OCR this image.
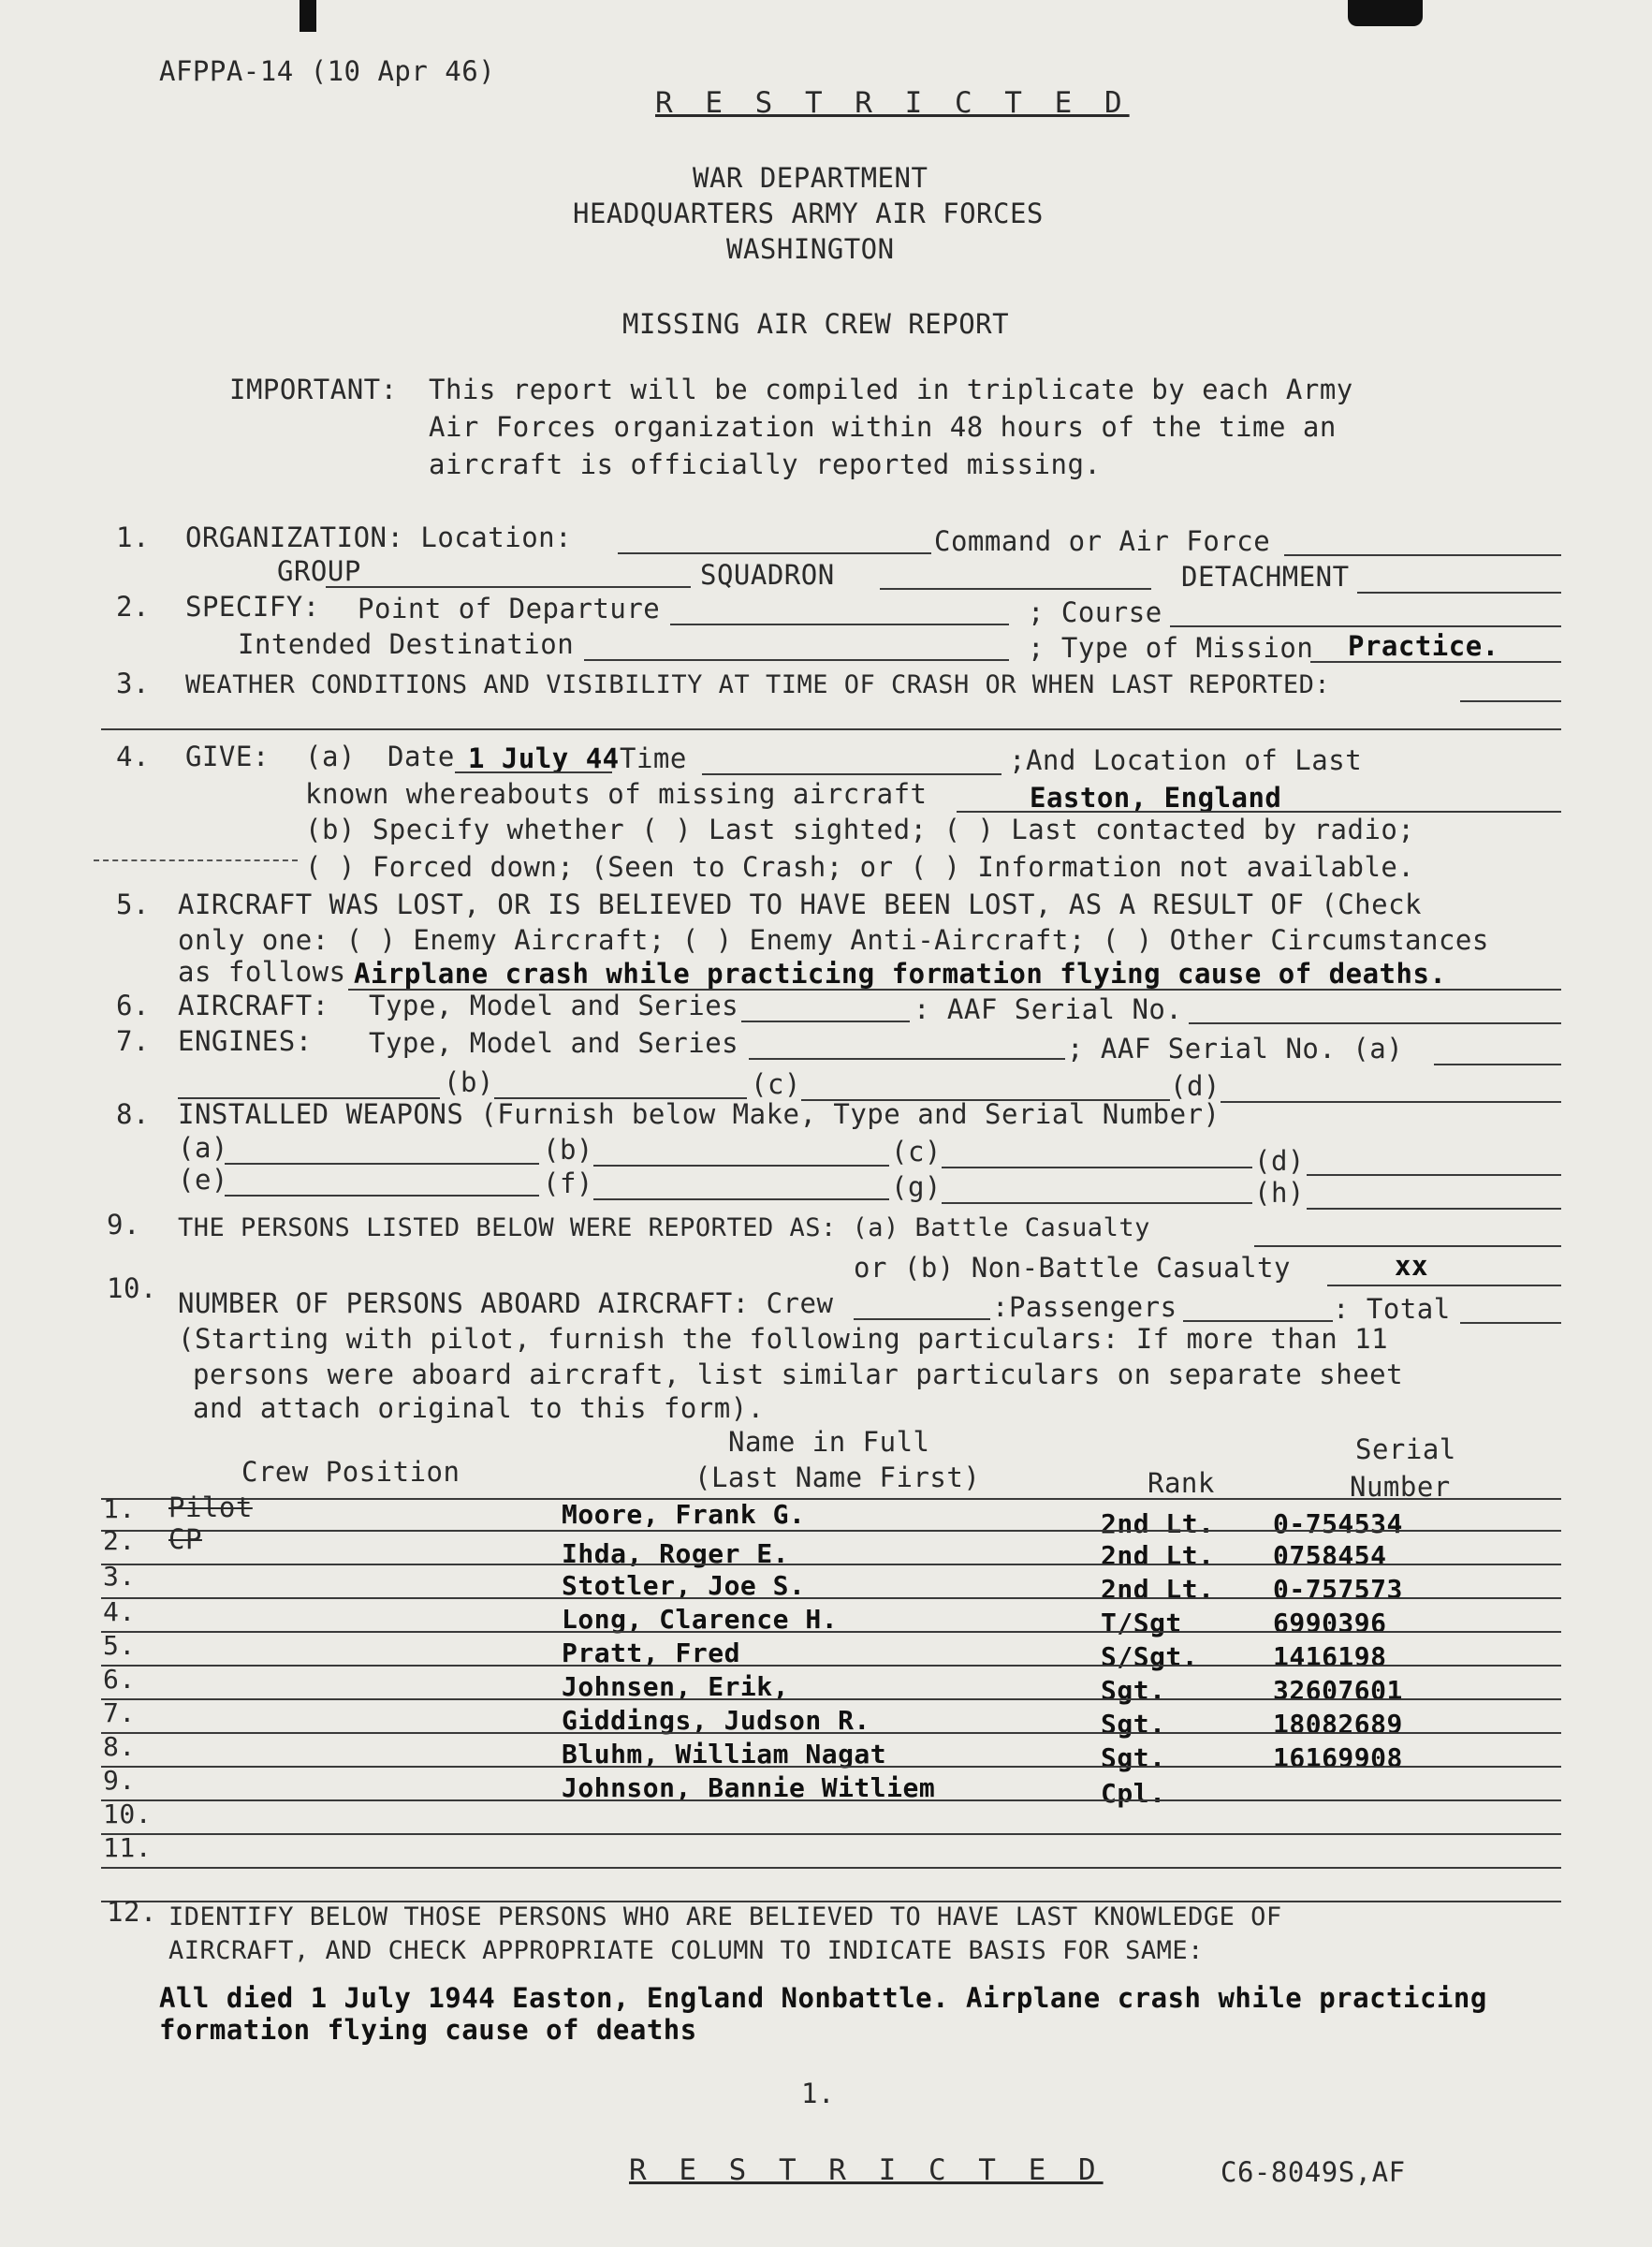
AFPPA-14 (10 Apr 46)
R E S T R I C T E D
WAR DEPARTMENT
HEADQUARTERS ARMY AIR FORCES
WASHINGTON
MISSING AIR CREW REPORT
IMPORTANT: This report will be compiled in triplicate by each Army
Air Forces organization within 48 hours of the time an
aircraft is officially reported missing.
1. ORGANIZATION: Location:	Command or Air Force
GROUP	SQUADRON	DETACHMENT
2. SPECIFY: Point of Departure	; Course
Intended Destination	; Type of Mission Practice.
3. WEATHER CONDITIONS AND VISIBILITY AT TIME OF CRASH OR WHEN LAST REPORTED:
4. GIVE: (a) Date 1 July 44 Time	;And Location of Last
known whereabouts of missing aircraft	Easton, England
(b) Specify whether ( ) Last sighted; ( ) Last contacted by radio;
( ) Forced down; (Seen to Crash; or ( ) Information not available.
5. AIRCRAFT WAS LOST, OR IS BELIEVED TO HAVE BEEN LOST, AS A RESULT OF (Check
only one: ( ) Enemy Aircraft; ( ) Enemy Anti-Aircraft; ( ) Other Circumstances
as follows Airplane crash while practicing formation flying cause of deaths.
6. AIRCRAFT: Type, Model and Series	: AAF Serial No.
7. ENGINES: Type, Model and Series	; AAF Serial No. (a)
(b)	(c)	(d)
8. INSTALLED WEAPONS (Furnish below Make, Type and Serial Number)
(a)	(b)	(c)	(d)
(e)	(f)	(g)	(h)
9. THE PERSONS LISTED BELOW WERE REPORTED AS: (a) Battle Casualty
or (b) Non-Battle Casualty	xx
10. NUMBER OF PERSONS ABOARD AIRCRAFT: Crew	:Passengers	: Total
(Starting with pilot, furnish the following particulars: If more than 11
persons were aboard aircraft, list similar particulars on separate sheet
and attach original to this form).
Name in Full	Serial
Crew Position	(Last Name First)	Rank	Number
1. Pilot	Moore, Frank G.	2nd Lt. 0-754534
2. CP	Ihda, Roger E.	2nd Lt. 0758454
3.	Stotler, Joe S.	2nd Lt. 0-757573
4.	Long, Clarence H.	T/Sgt	6990396
5.	Pratt, Fred	S/Sgt.	1416198
6.	Johnsen, Erik,	Sgt.	32607601
7.	Giddings, Judson R.	Sgt.	18082689
8.	Bluhm, William Nagat	Sgt.	16169908
9.	Johnson, Bannie Witliem	Cpl.
10.
11.
12. IDENTIFY BELOW THOSE PERSONS WHO ARE BELIEVED TO HAVE LAST KNOWLEDGE OF
AIRCRAFT, AND CHECK APPROPRIATE COLUMN TO INDICATE BASIS FOR SAME:
All died 1 July 1944 Easton, England Nonbattle. Airplane crash while practicing
formation flying cause of deaths
1.
R E S T R I C T E D	C6-8049S,AF
